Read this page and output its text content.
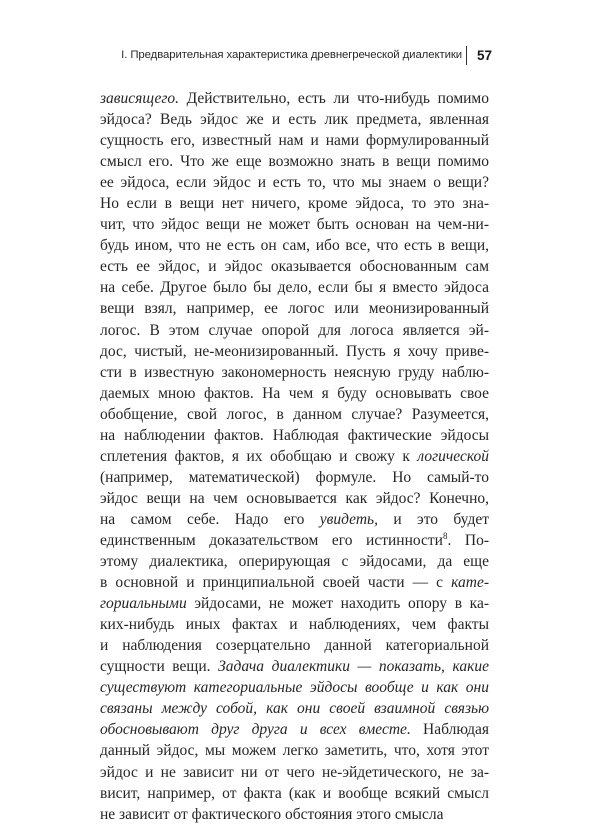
I. Предварительная характеристика древнегреческой диалектики 57
зависящего. Действительно, есть ли что-нибудь помимо
эйдоса? Ведь эйдос же и есть лик предмета, явленная
сущность его, известный нам и нами формулированный
смысл его. Что же еще возможно знать в вещи помимо
ее эйдоса, если эйдос и есть то, что мы знаем о вещи?
Но если в вещи нет ничего, кроме эйдоса, то это зна-
чит, что эйдос вещи не может быть основан на чем-ни-
будь ином, что не есть он сам, ибо все, что есть в вещи,
есть ее эйдос, и эйдос оказывается обоснованным сам
на себе. Другое было бы дело, если бы я вместо эйдоса
вещи взял, например, ее логос или меонизированный
логос. В этом случае опорой для логоса является эй-
дос, чистый, не-меонизированный. Пусть я хочу приве-
сти в известную закономерность неясную груду наблю-
даемых мною фактов. На чем я буду основывать свое
обобщение, свой логос, в данном случае? Разумеется,
на наблюдении фактов. Наблюдая фактические эйдосы
сплетения фактов, я их обобщаю и свожу к логической
(например, математической) формуле. Но самый-то
эйдос вещи на чем основывается как эйдос? Конечно,
на самом себе. Надо его увидеть, и это будет
единственным доказательством его истинности$^8$. По-
этому диалектика, оперирующая с эйдосами, да еще
в основной и принципиальной своей части — с кате-
гориальными эйдосами, не может находить опору в ка-
ких-нибудь иных фактах и наблюдениях, чем факты
и наблюдения созерцательно данной категориальной
сущности вещи. Задача диалектики — показать, какие
существуют категориальные эйдосы вообще и как они
связаны между собой, как они своей взаимной связью
обосновывают друг друга и всех вместе. Наблюдая
данный эйдос, мы можем легко заметить, что, хотя этот
эйдос и не зависит ни от чего не-эйдетического, не за-
висит, например, от факта (как и вообще всякий смысл
не зависит от фактического обстояния этого смысла
